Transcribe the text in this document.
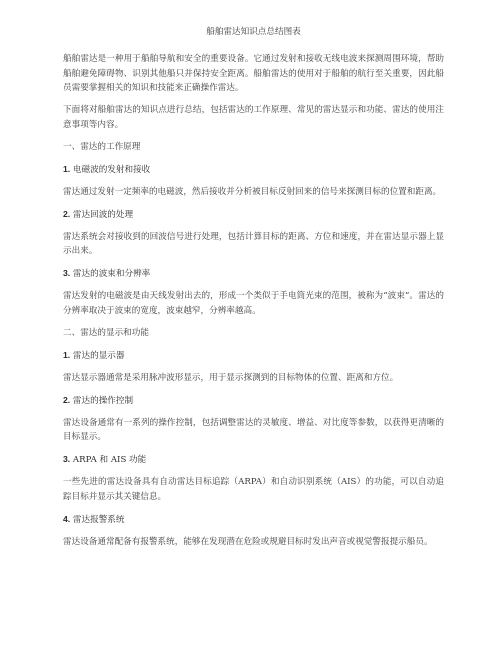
船舶雷达知识点总结图表

船舶雷达是一种用于船舶导航和安全的重要设备。它通过发射和接收无线电波来探测周围环境，帮助船舶避免障碍物、识别其他船只并保持安全距离。船舶雷达的使用对于船舶的航行至关重要，因此船员需要掌握相关的知识和技能来正确操作雷达。

下面将对船舶雷达的知识点进行总结，包括雷达的工作原理、常见的雷达显示和功能、雷达的使用注意事项等内容。

一、雷达的工作原理
1. 电磁波的发射和接收

雷达通过发射一定频率的电磁波，然后接收并分析被目标反射回来的信号来探测目标的位置和距离。

2. 雷达回波的处理

雷达系统会对接收到的回波信号进行处理，包括计算目标的距离、方位和速度，并在雷达显示器上显示出来。

3. 雷达的波束和分辨率

雷达发射的电磁波是由天线发射出去的，形成一个类似于手电筒光束的范围，被称为“波束”。雷达的分辨率取决于波束的宽度，波束越窄，分辨率越高。

二、雷达的显示和功能
1. 雷达的显示器

雷达显示器通常是采用脉冲波形显示，用于显示探测到的目标物体的位置、距离和方位。

2. 雷达的操作控制

雷达设备通常有一系列的操作控制，包括调整雷达的灵敏度、增益、对比度等参数，以获得更清晰的目标显示。

3. ARPA 和 AIS 功能

一些先进的雷达设备具有自动雷达目标追踪（ARPA）和自动识别系统（AIS）的功能，可以自动追踪目标并显示其关键信息。

4. 雷达报警系统

雷达设备通常配备有报警系统，能够在发现潜在危险或规避目标时发出声音或视觉警报提示船员。
